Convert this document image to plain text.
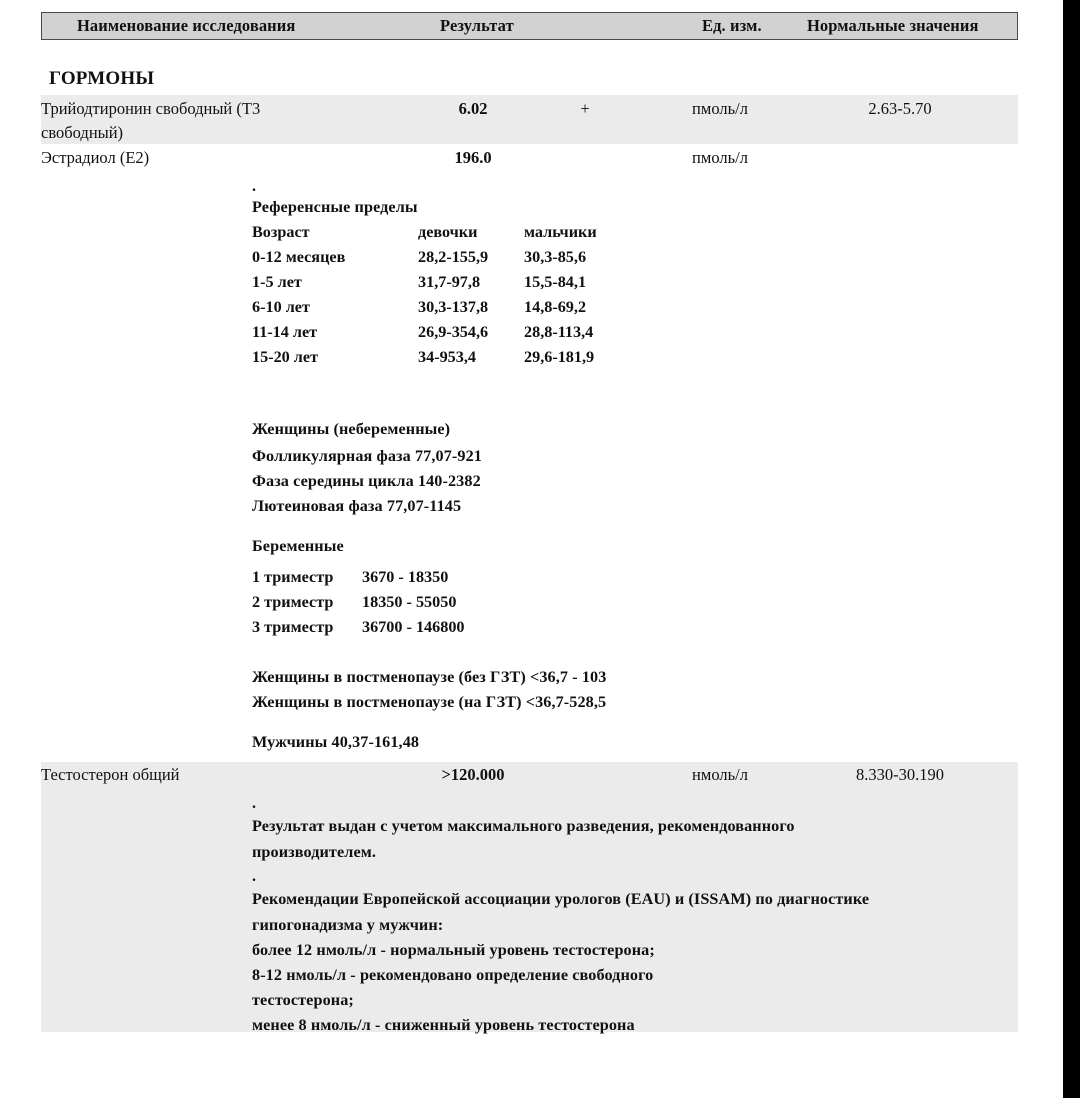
Наименование исследования	Результат	Ед. изм.	Нормальные значения
ГОРМОНЫ
Трийодтиронин свободный (Т3
свободный)
6.02	+	пмоль/л	2.63-5.70
Эстрадиол (Е2)	196.0	пмоль/л
.
Референсные пределы
Возраст	девочки	мальчики
0-12 месяцев	28,2-155,9 30,3-85,6
1-5 лет	31,7-97,8	15,5-84,1
6-10 лет	30,3-137,8 14,8-69,2
11-14 лет	26,9-354,6 28,8-113,4
15-20 лет	34-953,4	29,6-181,9
Женщины (небеременные)
Фолликулярная фаза 77,07-921
Фаза середины цикла 140-2382
Лютеиновая фаза 77,07-1145
Беременные
1 триместр 3670 - 18350
2 триместр 18350 - 55050
3 триместр 36700 - 146800
Женщины в постменопаузе (без ГЗТ) <36,7 - 103
Женщины в постменопаузе (на ГЗТ) <36,7-528,5
Мужчины 40,37-161,48
Тестостерон общий	>120.000	нмоль/л	8.330-30.190
.
Результат выдан с учетом максимального разведения, рекомендованного
производителем.
.
Рекомендации Европейской ассоциации урологов (EAU) и (ISSAM) по диагностике
гипогонадизма у мужчин:
более 12 нмоль/л - нормальный уровень тестостерона;
8-12 нмоль/л - рекомендовано определение свободного
тестостерона;
менее 8 нмоль/л - сниженный уровень тестостерона
